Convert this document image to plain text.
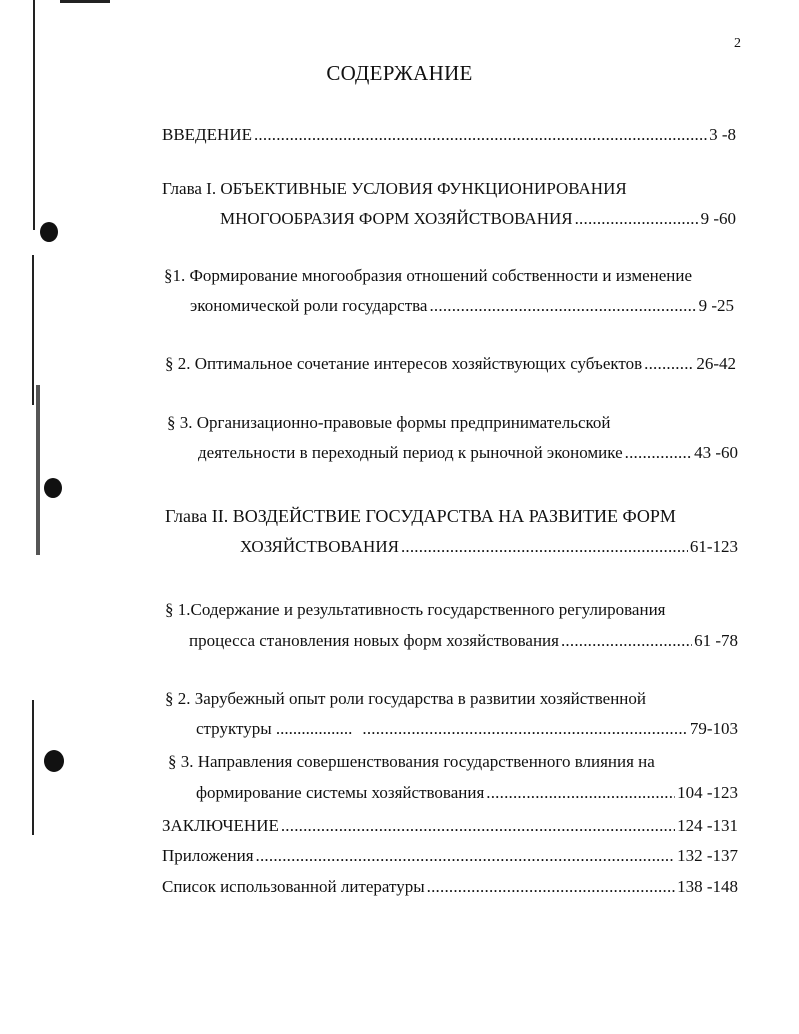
2
СОДЕРЖАНИЕ
ВВЕДЕНИЕ .....	3 -8
Глава I. ОБЪЕКТИВНЫЕ УСЛОВИЯ ФУНКЦИОНИРОВАНИЯ
МНОГООБРАЗИЯ ФОРМ ХОЗЯЙСТВОВАНИЯ .....	9 -60
§1. Формирование многообразия отношений собственности и изменение
экономической роли государства .....	9 -25
§ 2. Оптимальное сочетание интересов хозяйствующих субъектов .....	26-42
§ 3. Организационно-правовые формы предпринимательской
деятельности в переходный период к рыночной экономике .....	43 -60
Глава II. ВОЗДЕЙСТВИЕ ГОСУДАРСТВА НА РАЗВИТИЕ ФОРМ
ХОЗЯЙСТВОВАНИЯ .....	61-123
§ 1.Содержание и результативность государственного регулирования
процесса становления новых форм хозяйствования .....	61 -78
§ 2. Зарубежный опыт роли государства в развитии хозяйственной
структуры .................. .....	79-103
§ 3. Направления совершенствования государственного влияния на
формирование системы хозяйствования .....	104 -123
ЗАКЛЮЧЕНИЕ .....	124 -131
Приложения .....	132 -137
Список использованной литературы .....	138 -148
